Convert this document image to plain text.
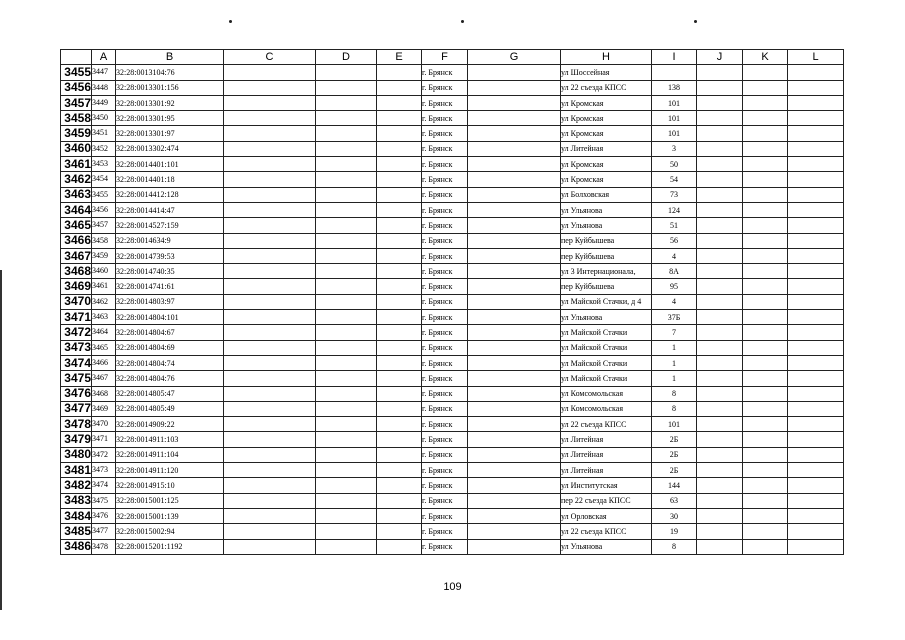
	A	B	C	D	E	F	G	H	I	J	K	L
3455	3447	32:28:0013104:76				г. Брянск		ул Шоссейная				
3456	3448	32:28:0013301:156				г. Брянск		ул 22 съезда КПСС	138			
3457	3449	32:28:0013301:92				г. Брянск		ул Кромская	101			
3458	3450	32:28:0013301:95				г. Брянск		ул Кромская	101			
3459	3451	32:28:0013301:97				г. Брянск		ул Кромская	101			
3460	3452	32:28:0013302:474				г. Брянск		ул Литейная	3			
3461	3453	32:28:0014401:101				г. Брянск		ул Кромская	50			
3462	3454	32:28:0014401:18				г. Брянск		ул Кромская	54			
3463	3455	32:28:0014412:128				г. Брянск		ул Болховская	73			
3464	3456	32:28:0014414:47				г. Брянск		ул Ульянова	124			
3465	3457	32:28:0014527:159				г. Брянск		ул Ульянова	51			
3466	3458	32:28:0014634:9				г. Брянск		пер Куйбышева	56			
3467	3459	32:28:0014739:53				г. Брянск		пер Куйбышева	4			
3468	3460	32:28:0014740:35				г. Брянск		ул 3 Интернационала,	8А			
3469	3461	32:28:0014741:61				г. Брянск		пер Куйбышева	95			
3470	3462	32:28:0014803:97				г. Брянск		ул Майской Стачки, д 4	4			
3471	3463	32:28:0014804:101				г. Брянск		ул Ульянова	37Б			
3472	3464	32:28:0014804:67				г. Брянск		ул Майской Стачки	7			
3473	3465	32:28:0014804:69				г. Брянск		ул Майской Стачки	1			
3474	3466	32:28:0014804:74				г. Брянск		ул Майской Стачки	1			
3475	3467	32:28:0014804:76				г. Брянск		ул Майской Стачки	1			
3476	3468	32:28:0014805:47				г. Брянск		ул Комсомольская	8			
3477	3469	32:28:0014805:49				г. Брянск		ул Комсомольская	8			
3478	3470	32:28:0014909:22				г. Брянск		ул 22 съезда КПСС	101			
3479	3471	32:28:0014911:103				г. Брянск		ул Литейная	2Б			
3480	3472	32:28:0014911:104				г. Брянск		ул Литейная	2Б			
3481	3473	32:28:0014911:120				г. Брянск		ул Литейная	2Б			
3482	3474	32:28:0014915:10				г. Брянск		ул Институтская	144			
3483	3475	32:28:0015001:125				г. Брянск		пер 22 съезда КПСС	63			
3484	3476	32:28:0015001:139				г. Брянск		ул Орловская	30			
3485	3477	32:28:0015002:94				г. Брянск		ул 22 съезда КПСС	19			
3486	3478	32:28:0015201:1192				г. Брянск		ул Ульянова	8			
109
